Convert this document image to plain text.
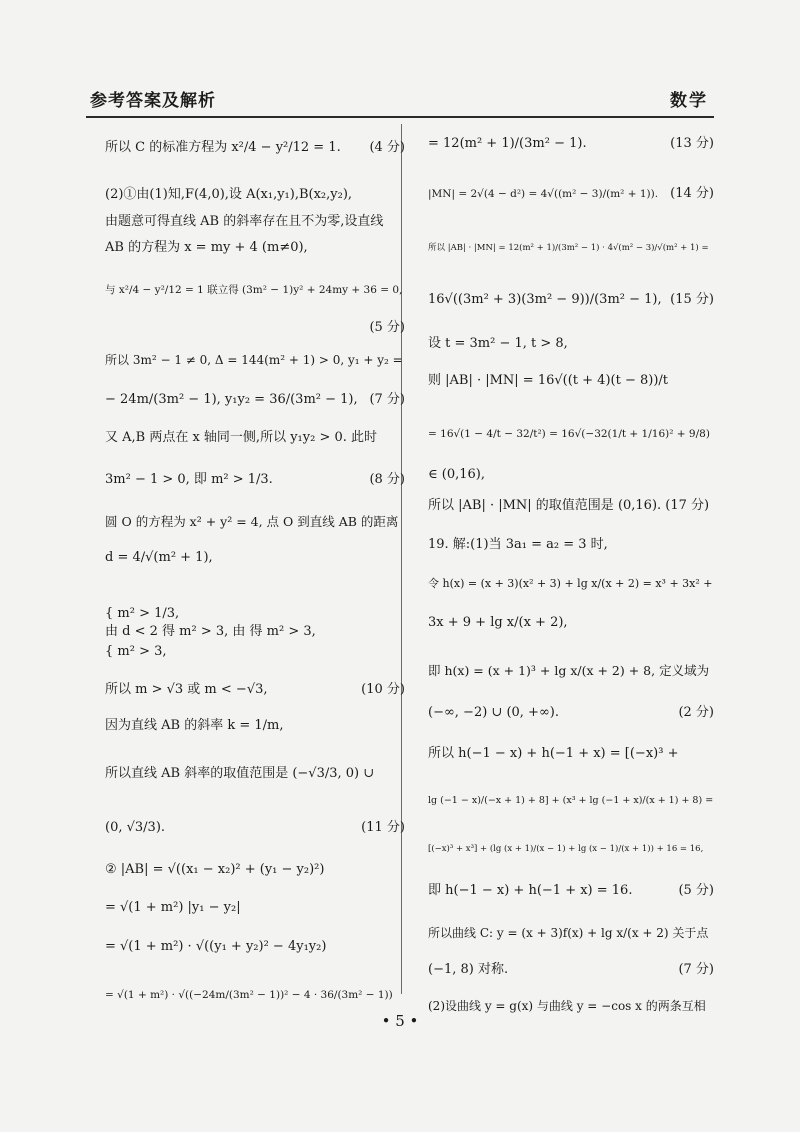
参考答案及解析	数学
所以 C 的标准方程为 x²/4 − y²/12 = 1. (4 分)
(2)①由(1)知,F(4,0),设 A(x₁,y₁),B(x₂,y₂),
由题意可得直线 AB 的斜率存在且不为零,设直线
AB 的方程为 x = my + 4 (m≠0),
与 x²/4 − y²/12 = 1 联立得 (3m² − 1)y² + 24my + 36 = 0,
(5 分)
所以 3m² − 1 ≠ 0, Δ = 144(m² + 1) > 0, y₁ + y₂ =
− 24m/(3m² − 1), y₁y₂ = 36/(3m² − 1), (7 分)
又 A,B 两点在 x 轴同一侧,所以 y₁y₂ > 0. 此时
3m² − 1 > 0, 即 m² > 1/3.	(8 分)
圆 O 的方程为 x² + y² = 4, 点 O 到直线 AB 的距离
d = 4/√(m² + 1),
{ m² > 1/3,
由 d < 2 得 m² > 3, 由 得 m² > 3,
{ m² > 3,
所以 m > √3 或 m < −√3,	(10 分)
因为直线 AB 的斜率 k = 1/m,
所以直线 AB 斜率的取值范围是 (−√3/3, 0) ∪
(0, √3/3).	(11 分)
② |AB| = √((x₁ − x₂)² + (y₁ − y₂)²)
= √(1 + m²) |y₁ − y₂|
= √(1 + m²) · √((y₁ + y₂)² − 4y₁y₂)
= √(1 + m²) · √((−24m/(3m² − 1))² − 4 · 36/(3m² − 1))
= 12(m² + 1)/(3m² − 1).	(13 分)
|MN| = 2√(4 − d²) = 4√((m² − 3)/(m² + 1)). (14 分)
所以 |AB| · |MN| = 12(m² + 1)/(3m² − 1) · 4√(m² − 3)/√(m² + 1) =
16√((3m² + 3)(3m² − 9))/(3m² − 1), (15 分)
设 t = 3m² − 1, t > 8,
则 |AB| · |MN| = 16√((t + 4)(t − 8))/t
= 16√(1 − 4/t − 32/t²) = 16√(−32(1/t + 1/16)² + 9/8)
∈ (0,16),
所以 |AB| · |MN| 的取值范围是 (0,16). (17 分)
19. 解:(1)当 3a₁ = a₂ = 3 时,
令 h(x) = (x + 3)(x² + 3) + lg x/(x + 2) = x³ + 3x² +
3x + 9 + lg x/(x + 2),
即 h(x) = (x + 1)³ + lg x/(x + 2) + 8, 定义域为
(−∞, −2) ∪ (0, +∞).	(2 分)
所以 h(−1 − x) + h(−1 + x) = [(−x)³ +
lg (−1 − x)/(−x + 1) + 8] + (x³ + lg (−1 + x)/(x + 1) + 8) =
[(−x)³ + x³] + (lg (x + 1)/(x − 1) + lg (x − 1)/(x + 1)) + 16 = 16,
即 h(−1 − x) + h(−1 + x) = 16.	(5 分)
所以曲线 C: y = (x + 3)f(x) + lg x/(x + 2) 关于点
(−1, 8) 对称.	(7 分)
(2)设曲线 y = g(x) 与曲线 y = −cos x 的两条互相
• 5 •
